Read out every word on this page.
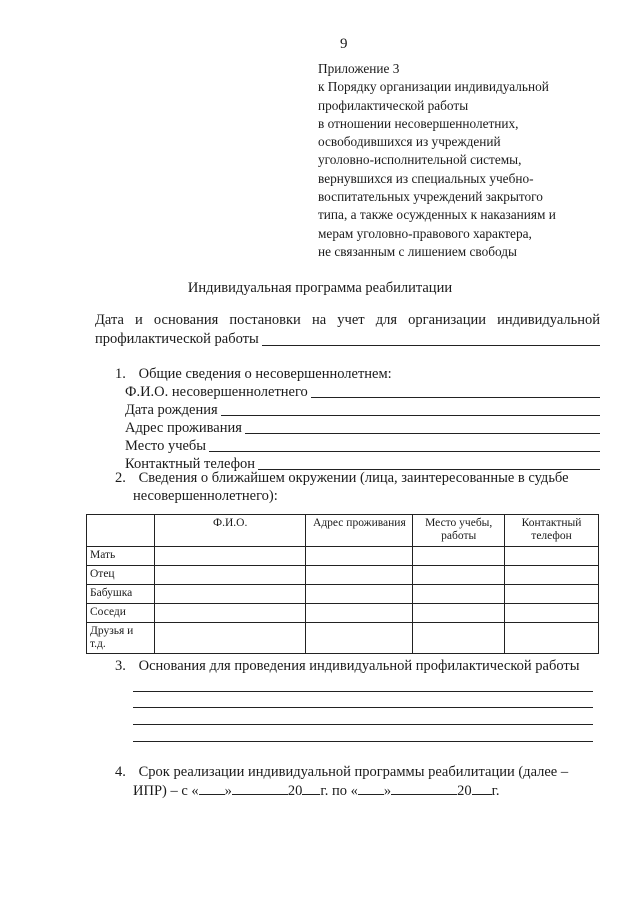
9
Приложение 3
к Порядку организации индивидуальной
профилактической работы
в отношении несовершеннолетних,
освободившихся из учреждений
уголовно-исполнительной системы,
вернувшихся из специальных учебно-
воспитательных учреждений закрытого
типа, а также осужденных к наказаниям и
мерам уголовно-правового характера,
не связанным с лишением свободы
Индивидуальная программа реабилитации
Дата и основания постановки на учет для организации индивидуальной
профилактической работы
1. Общие сведения о несовершеннолетнем:
Ф.И.О. несовершеннолетнего
Дата рождения
Адрес проживания
Место учебы
Контактный телефон
2. Сведения о ближайшем окружении (лица, заинтересованные в судьбе
несовершеннолетнего):
	Ф.И.О.	Адрес проживания	Место учебы, работы	Контактный телефон
Мать				
Отец				
Бабушка				
Соседи				
Друзья и т.д.				
3. Основания для проведения индивидуальной профилактической работы
4. Срок реализации индивидуальной программы реабилитации (далее –
ИПР) – с « »	20 г. по « »	20 г.
